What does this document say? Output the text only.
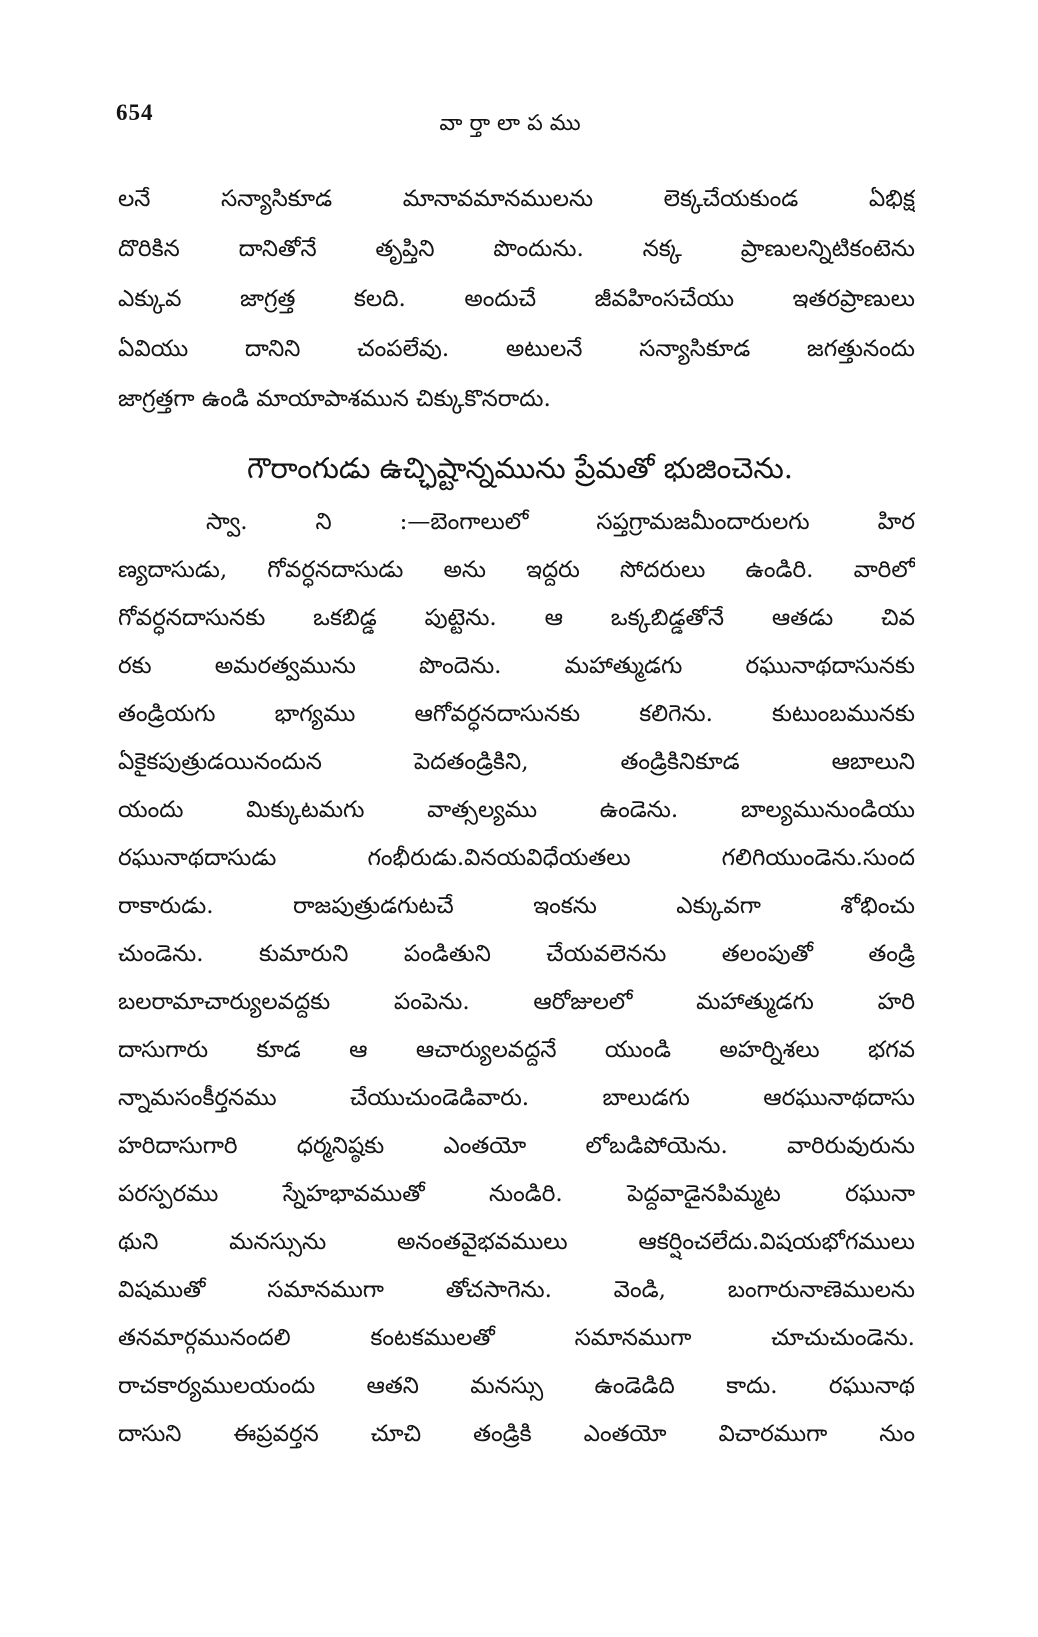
654	వా ర్తా లా ప ము
లనే సన్యాసికూడ మానావమానములను లెక్కచేయకుండ ఏభిక్ష
దొరికిన దానితోనే తృప్తిని పొందును. నక్క ప్రాణులన్నిటికంటెను
ఎక్కువ జాగ్రత్త కలది. అందుచే జీవహింసచేయు ఇతరప్రాణులు
ఏవియు దానిని చంపలేవు. అటులనే సన్యాసికూడ జగత్తునందు
జాగ్రత్తగా ఉండి మాయాపాశమున చిక్కుకొనరాదు.
గౌరాంగుడు ఉచ్ఛిష్టాన్నమును ప్రేమతో భుజించెను.
స్వా. ని :—బెంగాలులో సప్తగ్రామజమీందారులగు హిర
ణ్యదాసుడు, గోవర్ధనదాసుడు అను ఇద్దరు సోదరులు ఉండిరి. వారిలో
గోవర్ధనదాసునకు ఒకబిడ్డ పుట్టెను. ఆ ఒక్కబిడ్డతోనే ఆతడు చివ
రకు అమరత్వమును పొందెను. మహాత్ముడగు రఘునాథదాసునకు
తండ్రియగు భాగ్యము ఆగోవర్ధనదాసునకు కలిగెను. కుటుంబమునకు
ఏకైకపుత్రుడయినందున పెదతండ్రికిని, తండ్రికినికూడ ఆబాలుని
యందు మిక్కుటమగు వాత్సల్యము ఉండెను. బాల్యమునుండియు
రఘునాథదాసుడు గంభీరుడు.వినయవిధేయతలు గలిగియుండెను.సుంద
రాకారుడు. రాజపుత్రుడగుటచే ఇంకను ఎక్కువగా శోభించు
చుండెను. కుమారుని పండితుని చేయవలెనను తలంపుతో తండ్రి
బలరామాచార్యులవద్దకు పంపెను. ఆరోజులలో మహాత్ముడగు హరి
దాసుగారు కూడ ఆ ఆచార్యులవద్దనే యుండి అహర్నిశలు భగవ
న్నామసంకీర్తనము చేయుచుండెడివారు. బాలుడగు ఆరఘునాథదాసు
హరిదాసుగారి ధర్మనిష్ఠకు ఎంతయో లోబడిపోయెను. వారిరువురును
పరస్పరము స్నేహభావముతో నుండిరి. పెద్దవాడైనపిమ్మట రఘునా
థుని మనస్సును అనంతవైభవములు ఆకర్షించలేదు.విషయభోగములు
విషముతో సమానముగా తోచసాగెను. వెండి, బంగారునాణెములను
తనమార్గమునందలి కంటకములతో సమానముగా చూచుచుండెను.
రాచకార్యములయందు ఆతని మనస్సు ఉండెడిది కాదు. రఘునాథ
దాసుని ఈప్రవర్తన చూచి తండ్రికి ఎంతయో విచారముగా నుం
